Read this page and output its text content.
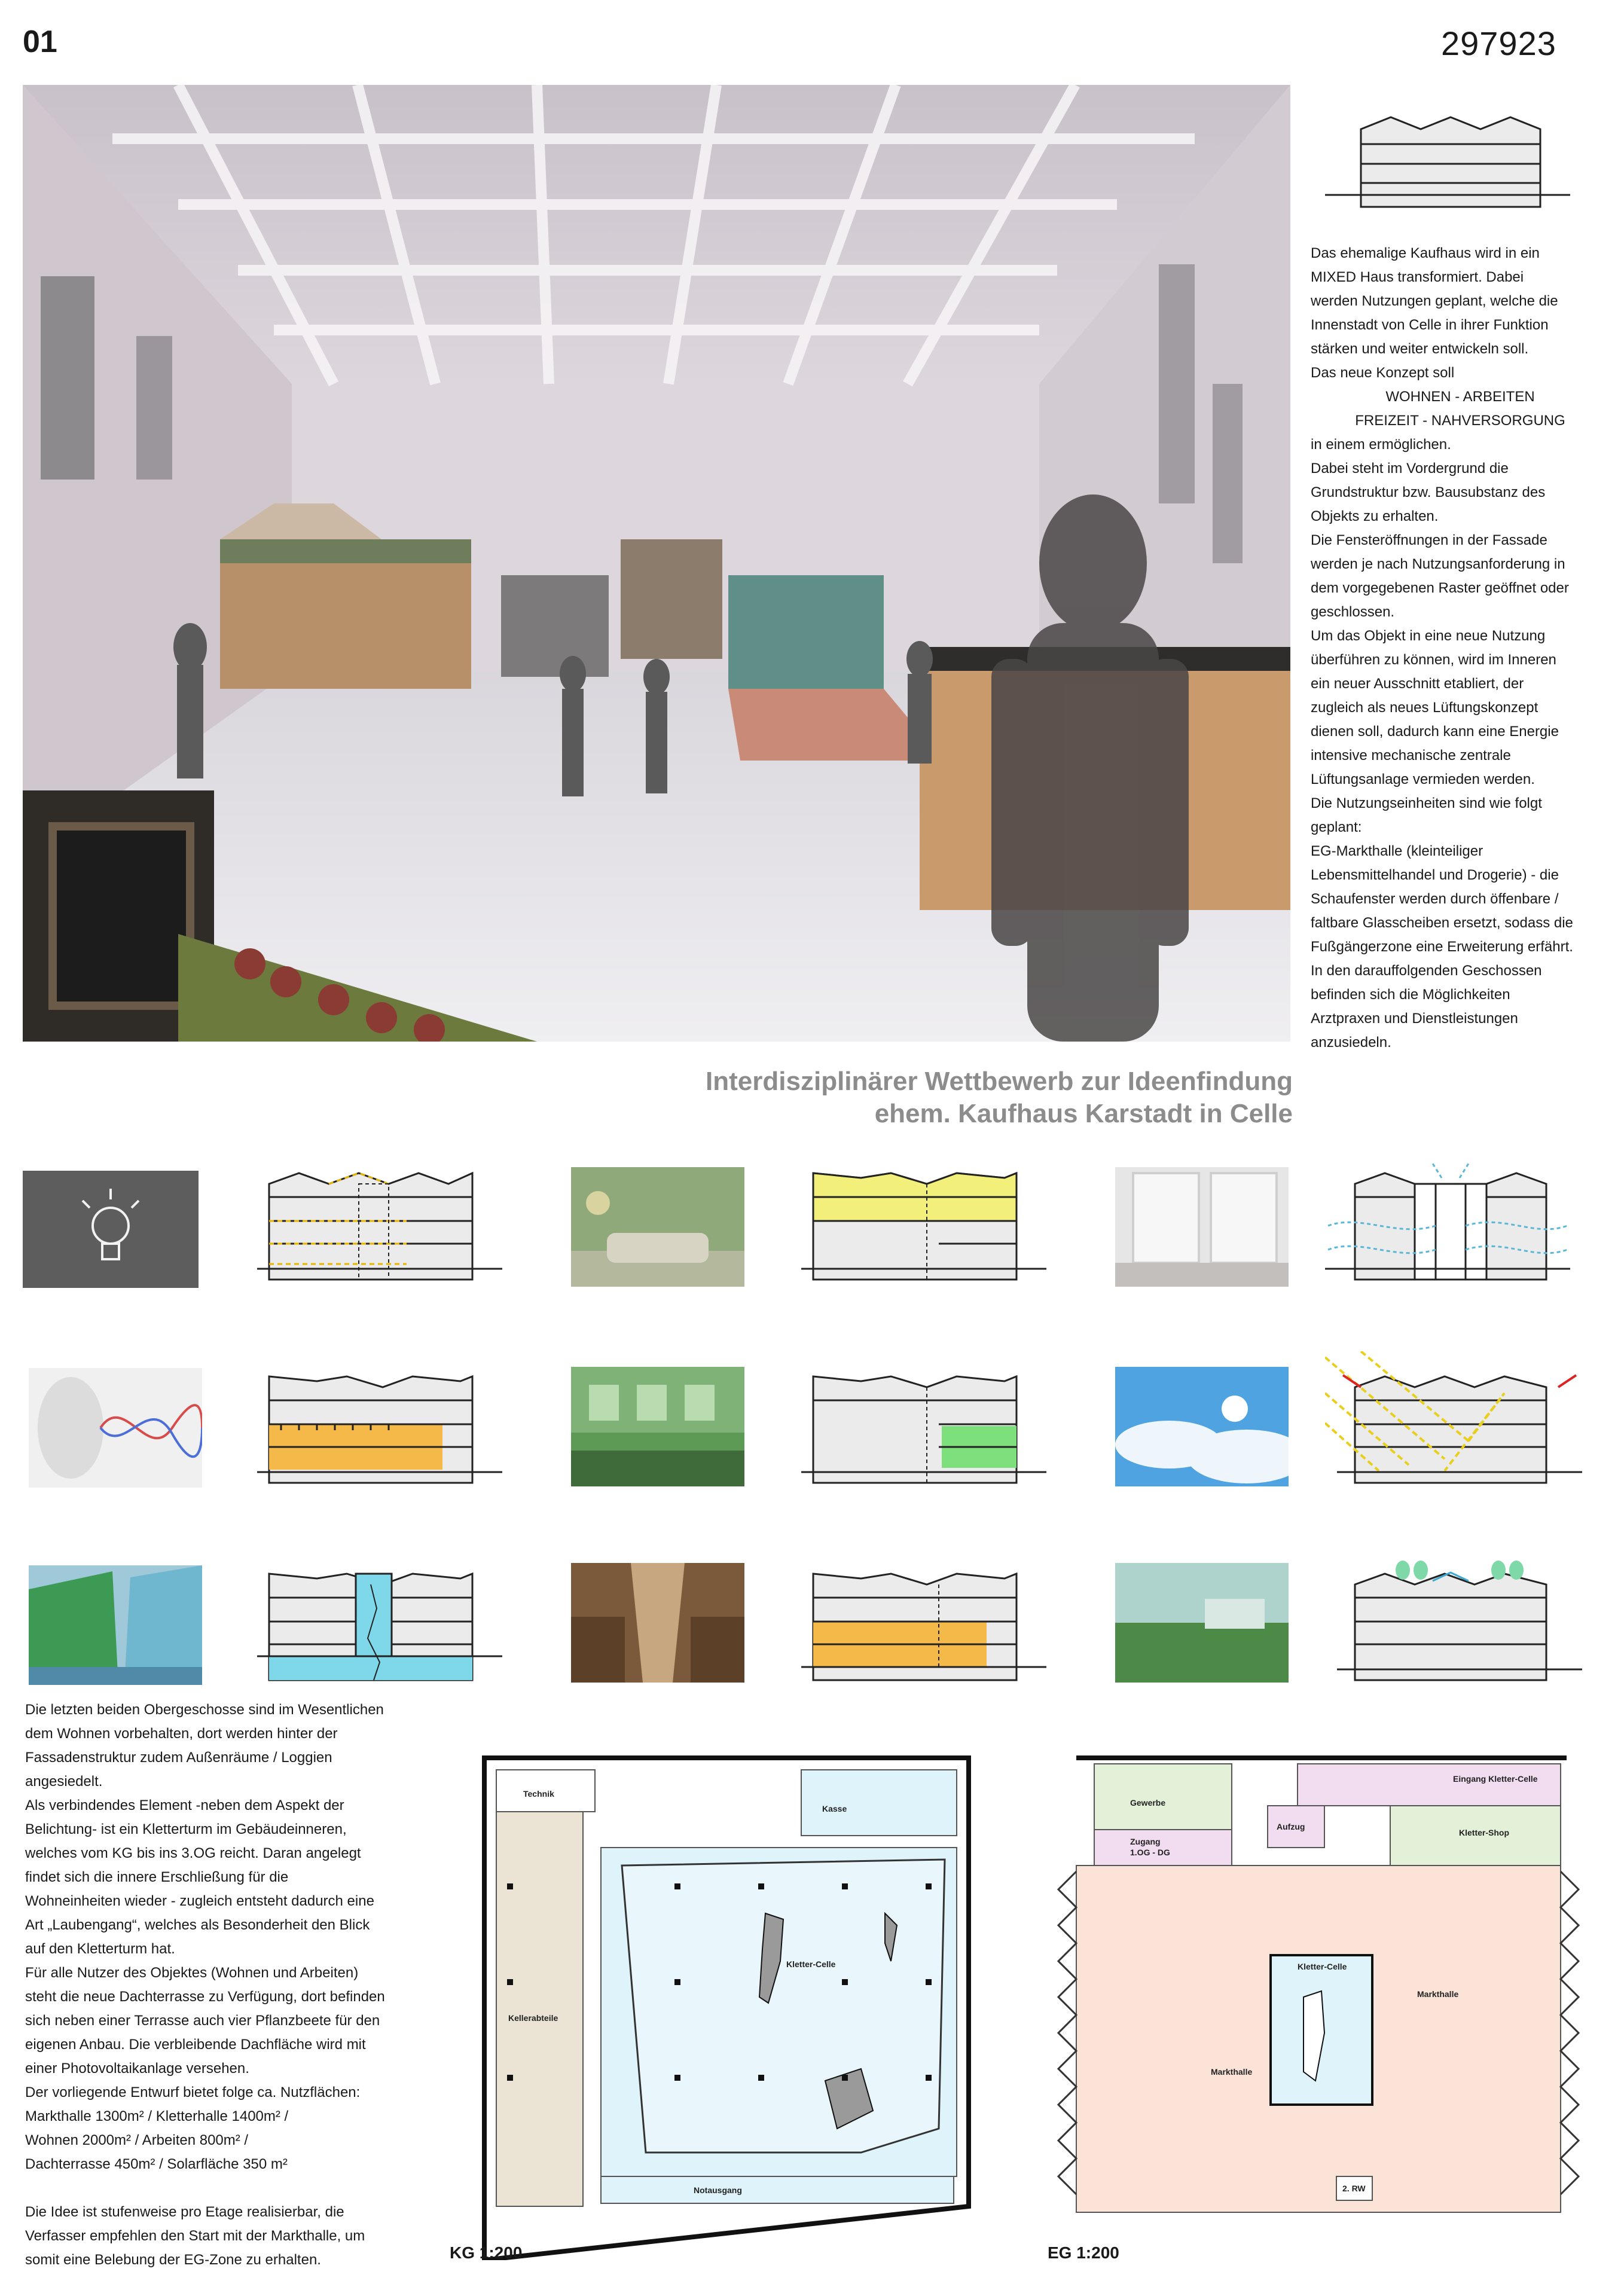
01	297923
Das ehemalige Kaufhaus wird in ein
MIXED Haus transformiert. Dabei
werden Nutzungen geplant, welche die
Innenstadt von Celle in ihrer Funktion
stärken und weiter entwickeln soll.
Das neue Konzept soll

WOHNEN - ARBEITEN
FREIZEIT - NAHVERSORGUNG
in einem ermöglichen.
Dabei steht im Vordergrund die
Grundstruktur bzw. Bausubstanz des
Objekts zu erhalten.
Die Fensteröffnungen in der Fassade
werden je nach Nutzungsanforderung in
dem vorgegebenen Raster geöffnet oder
geschlossen.
Um das Objekt in eine neue Nutzung
überführen zu können, wird im Inneren
ein neuer Ausschnitt etabliert, der
zugleich als neues Lüftungskonzept
dienen soll, dadurch kann eine Energie
intensive mechanische zentrale
Lüftungsanlage vermieden werden.
Die Nutzungseinheiten sind wie folgt
geplant:
EG-Markthalle (kleinteiliger
Lebensmittelhandel und Drogerie) - die
Schaufenster werden durch öffenbare /
faltbare Glasscheiben ersetzt, sodass die
Fußgängerzone eine Erweiterung erfährt.
In den darauffolgenden Geschossen
befinden sich die Möglichkeiten
Arztpraxen und Dienstleistungen
anzusiedeln.
Interdisziplinärer Wettbewerb zur Ideenfindung
ehem. Kaufhaus Karstadt in Celle
Die letzten beiden Obergeschosse sind im Wesentlichen
dem Wohnen vorbehalten, dort werden hinter der
Fassadenstruktur zudem Außenräume / Loggien
angesiedelt.
Als verbindendes Element -neben dem Aspekt der
Belichtung- ist ein Kletterturm im Gebäudeinneren,
welches vom KG bis ins 3.OG reicht. Daran angelegt
findet sich die innere Erschließung für die
Wohneinheiten wieder - zugleich entsteht dadurch eine
Art „Laubengang“, welches als Besonderheit den Blick
auf den Kletterturm hat.
Für alle Nutzer des Objektes (Wohnen und Arbeiten)
steht die neue Dachterrasse zu Verfügung, dort befinden
sich neben einer Terrasse auch vier Pflanzbeete für den
eigenen Anbau. Die verbleibende Dachfläche wird mit
einer Photovoltaikanlage versehen.
Der vorliegende Entwurf bietet folge ca. Nutzflächen:
Markthalle 1300m² / Kletterhalle 1400m² /
Wohnen 2000m² / Arbeiten 800m² /
Dachterrasse 450m² / Solarfläche 350 m²

Die Idee ist stufenweise pro Etage realisierbar, die
Verfasser empfehlen den Start mit der Markthalle, um
somit eine Belebung der EG-Zone zu erhalten.
Technik
Kasse
Kellerabteile
Kletter-Celle
Notausgang
KG 1:200
Gewerbe
Zugang
1.OG - DG
Aufzug
Eingang Kletter-Celle
Kletter-Shop
Kletter-Celle
Markthalle
Markthalle
2. RW
EG 1:200
